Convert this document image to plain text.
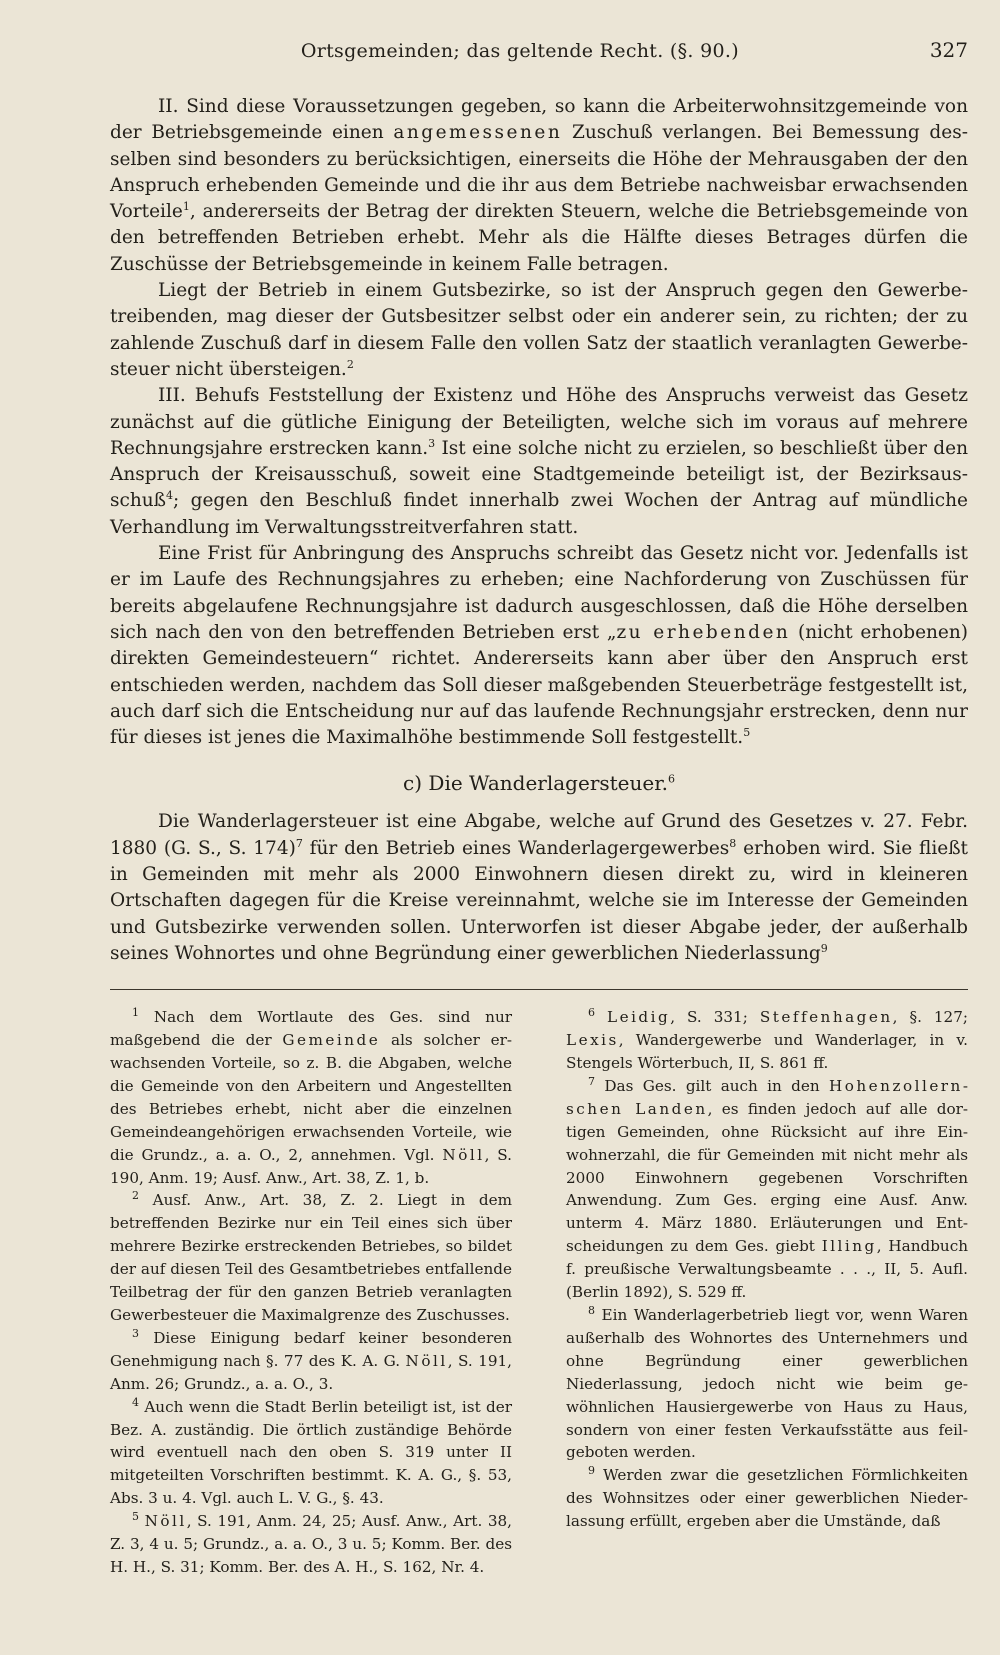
Ortsgemeinden; das geltende Recht. (§. 90.)	327

II. Sind diese Voraussetzungen gegeben, so kann die Arbeiterwohnsitzgemeinde von der Betriebsgemeinde einen angemessenen Zuschuß verlangen. Bei Bemessung desselben sind besonders zu berücksichtigen, einerseits die Höhe der Mehrausgaben der den Anspruch erhebenden Gemeinde und die ihr aus dem Betriebe nachweisbar erwachsenden Vorteile$^1$, andererseits der Betrag der direkten Steuern, welche die Betriebsgemeinde von den betreffenden Betrieben erhebt. Mehr als die Hälfte dieses Betrages dürfen die Zuschüsse der Betriebsgemeinde in keinem Falle betragen.

Liegt der Betrieb in einem Gutsbezirke, so ist der Anspruch gegen den Gewerbetreibenden, mag dieser der Gutsbesitzer selbst oder ein anderer sein, zu richten; der zu zahlende Zuschuß darf in diesem Falle den vollen Satz der staatlich veranlagten Gewerbesteuer nicht übersteigen.$^2$

III. Behufs Feststellung der Existenz und Höhe des Anspruchs verweist das Gesetz zunächst auf die gütliche Einigung der Beteiligten, welche sich im voraus auf mehrere Rechnungsjahre erstrecken kann.$^3$ Ist eine solche nicht zu erzielen, so beschließt über den Anspruch der Kreisausschuß, soweit eine Stadtgemeinde beteiligt ist, der Bezirksausschuß$^4$; gegen den Beschluß findet innerhalb zwei Wochen der Antrag auf mündliche Verhandlung im Verwaltungsstreitverfahren statt.

Eine Frist für Anbringung des Anspruchs schreibt das Gesetz nicht vor. Jedenfalls ist er im Laufe des Rechnungsjahres zu erheben; eine Nachforderung von Zuschüssen für bereits abgelaufene Rechnungsjahre ist dadurch ausgeschlossen, daß die Höhe derselben sich nach den von den betreffenden Betrieben erst „zu erhebenden (nicht erhobenen) direkten Gemeindesteuern“ richtet. Andererseits kann aber über den Anspruch erst entschieden werden, nachdem das Soll dieser maßgebenden Steuerbeträge festgestellt ist, auch darf sich die Entscheidung nur auf das laufende Rechnungsjahr erstrecken, denn nur für dieses ist jenes die Maximalhöhe bestimmende Soll festgestellt.$^5$

c) Die Wanderlagersteuer.$^6$

Die Wanderlagersteuer ist eine Abgabe, welche auf Grund des Gesetzes v. 27. Febr. 1880 (G. S., S. 174)$^7$ für den Betrieb eines Wanderlagergewerbes$^8$ erhoben wird. Sie fließt in Gemeinden mit mehr als 2000 Einwohnern diesen direkt zu, wird in kleineren Ortschaften dagegen für die Kreise vereinnahmt, welche sie im Interesse der Gemeinden und Gutsbezirke verwenden sollen. Unterworfen ist dieser Abgabe jeder, der außerhalb seines Wohnortes und ohne Begründung einer gewerblichen Niederlassung$^9$

$^1$ Nach dem Wortlaute des Ges. sind nur maßgebend die der Gemeinde als solcher erwachsenden Vorteile, so z. B. die Abgaben, welche die Gemeinde von den Arbeitern und Angestellten des Betriebes erhebt, nicht aber die einzelnen Gemeindeangehörigen erwachsenden Vorteile, wie die Grundz., a. a. O., 2, annehmen. Vgl. Nöll, S. 190, Anm. 19; Ausf. Anw., Art. 38, Z. 1, b.

$^2$ Ausf. Anw., Art. 38, Z. 2. Liegt in dem betreffenden Bezirke nur ein Teil eines sich über mehrere Bezirke erstreckenden Betriebes, so bildet der auf diesen Teil des Gesamtbetriebes entfallende Teilbetrag der für den ganzen Betrieb veranlagten Gewerbesteuer die Maximalgrenze des Zuschusses.

$^3$ Diese Einigung bedarf keiner besonderen Genehmigung nach §. 77 des K. A. G. Nöll, S. 191, Anm. 26; Grundz., a. a. O., 3.

$^4$ Auch wenn die Stadt Berlin beteiligt ist, ist der Bez. A. zuständig. Die örtlich zuständige Behörde wird eventuell nach den oben S. 319 unter II mitgeteilten Vorschriften bestimmt. K. A. G., §. 53, Abs. 3 u. 4. Vgl. auch L. V. G., §. 43.

$^5$ Nöll, S. 191, Anm. 24, 25; Ausf. Anw., Art. 38, Z. 3, 4 u. 5; Grundz., a. a. O., 3 u. 5; Komm. Ber. des H. H., S. 31; Komm. Ber. des A. H., S. 162, Nr. 4.

$^6$ Leidig, S. 331; Steffenhagen, §. 127; Lexis, Wandergewerbe und Wanderlager, in v. Stengels Wörterbuch, II, S. 861 ff.

$^7$ Das Ges. gilt auch in den Hohenzollernschen Landen, es finden jedoch auf alle dortigen Gemeinden, ohne Rücksicht auf ihre Einwohnerzahl, die für Gemeinden mit nicht mehr als 2000 Einwohnern gegebenen Vorschriften Anwendung. Zum Ges. erging eine Ausf. Anw. unterm 4. März 1880. Erläuterungen und Entscheidungen zu dem Ges. giebt Illing, Handbuch f. preußische Verwaltungsbeamte . . ., II, 5. Aufl. (Berlin 1892), S. 529 ff.

$^8$ Ein Wanderlagerbetrieb liegt vor, wenn Waren außerhalb des Wohnortes des Unternehmers und ohne Begründung einer gewerblichen Niederlassung, jedoch nicht wie beim gewöhnlichen Hausiergewerbe von Haus zu Haus, sondern von einer festen Verkaufsstätte aus feilgeboten werden.

$^9$ Werden zwar die gesetzlichen Förmlichkeiten des Wohnsitzes oder einer gewerblichen Niederlassung erfüllt, ergeben aber die Umstände, daß
